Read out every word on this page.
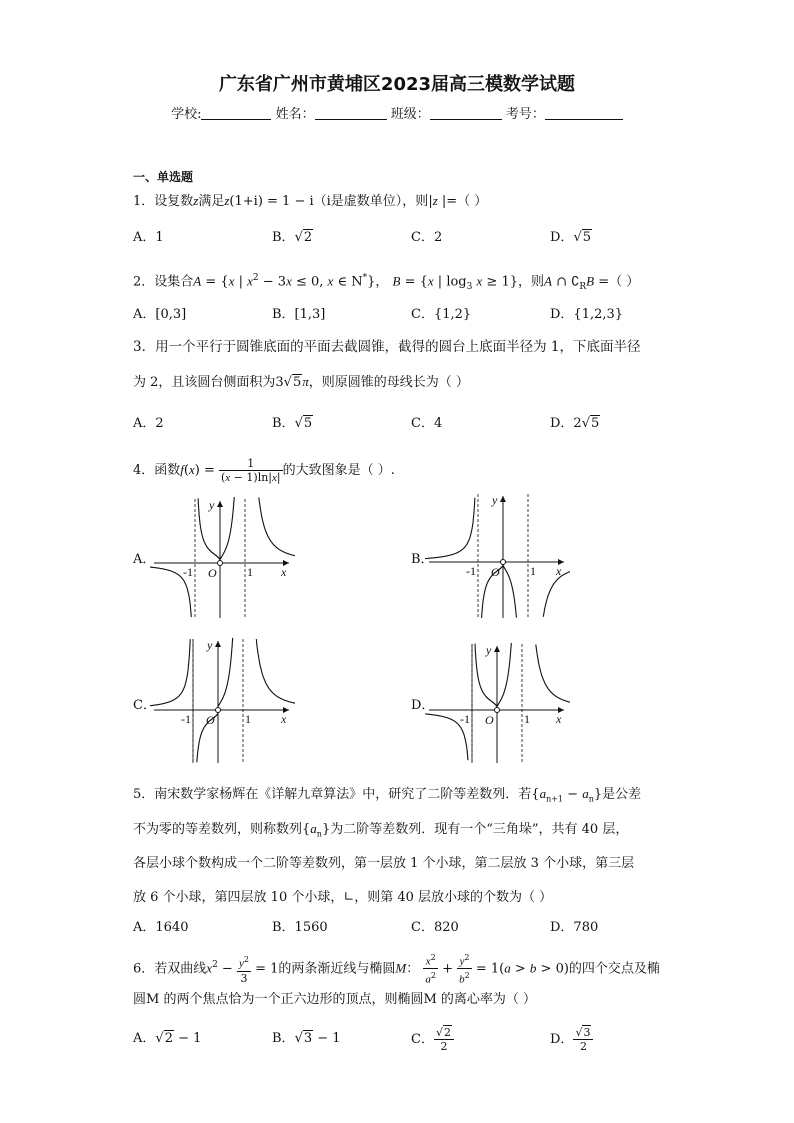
广东省广州市黄埔区2023届高三模数学试题
学校:	姓名：	班级：	考号：
一、单选题
1．设复数z满足z(1+i) = 1 − i（i是虚数单位），则|z |=（ ）
A．1	B．√2	C．2	D．√5
2．设集合A = {x | $x^2 - 3x \le 0$, x ∈ N*}， B = {x | $\log_3 x \ge 1$}，则A ∩ $∁_RB$ =（ ）
A．[0,3]	B．[1,3]	C．{1,2}	D．{1,2,3}
3．用一个平行于圆锥底面的平面去截圆锥，截得的圆台上底面半径为 1，下底面半径
为 2，且该圆台侧面积为3√5π，则原圆锥的母线长为（ ）
A．2	B．√5	C．4	D．2√5
4．函数$f(x) = \frac{1}{(x - 1)\ln|x|}$ 的大致图象是（ ）.
A．	B．
C．	D．
x
y
-1 O	1	x
y
-1 O	1
x
y
-1 O	1	x
y
-1 O	1
5．南宋数学家杨辉在《详解九章算法》中，研究了二阶等差数列．若$\{a_{n+1} - a_n\}$是公差
不为零的等差数列，则称数列$\{a_n\}$为二阶等差数列．现有一个“三角垛”，共有 40 层，
各层小球个数构成一个二阶等差数列，第一层放 1 个小球，第二层放 3 个小球，第三层
放 6 个小球，第四层放 10 个小球，∟，则第 40 层放小球的个数为（ ）
A．1640	B．1560	C．820	D．780
6．若双曲线$x^2 - \frac{y^2}{3} = 1$的两条渐近线与椭圆M： $\frac{x^2}{a^2} + \frac{y^2}{b^2} = 1(a > b > 0)$的四个交点及椭
圆M 的两个焦点恰为一个正六边形的顶点，则椭圆M 的离心率为（ ）
A．√2 − 1	B．√3 − 1	C． $\frac{√2}{2}$	D． $\frac{√3}{2}$
